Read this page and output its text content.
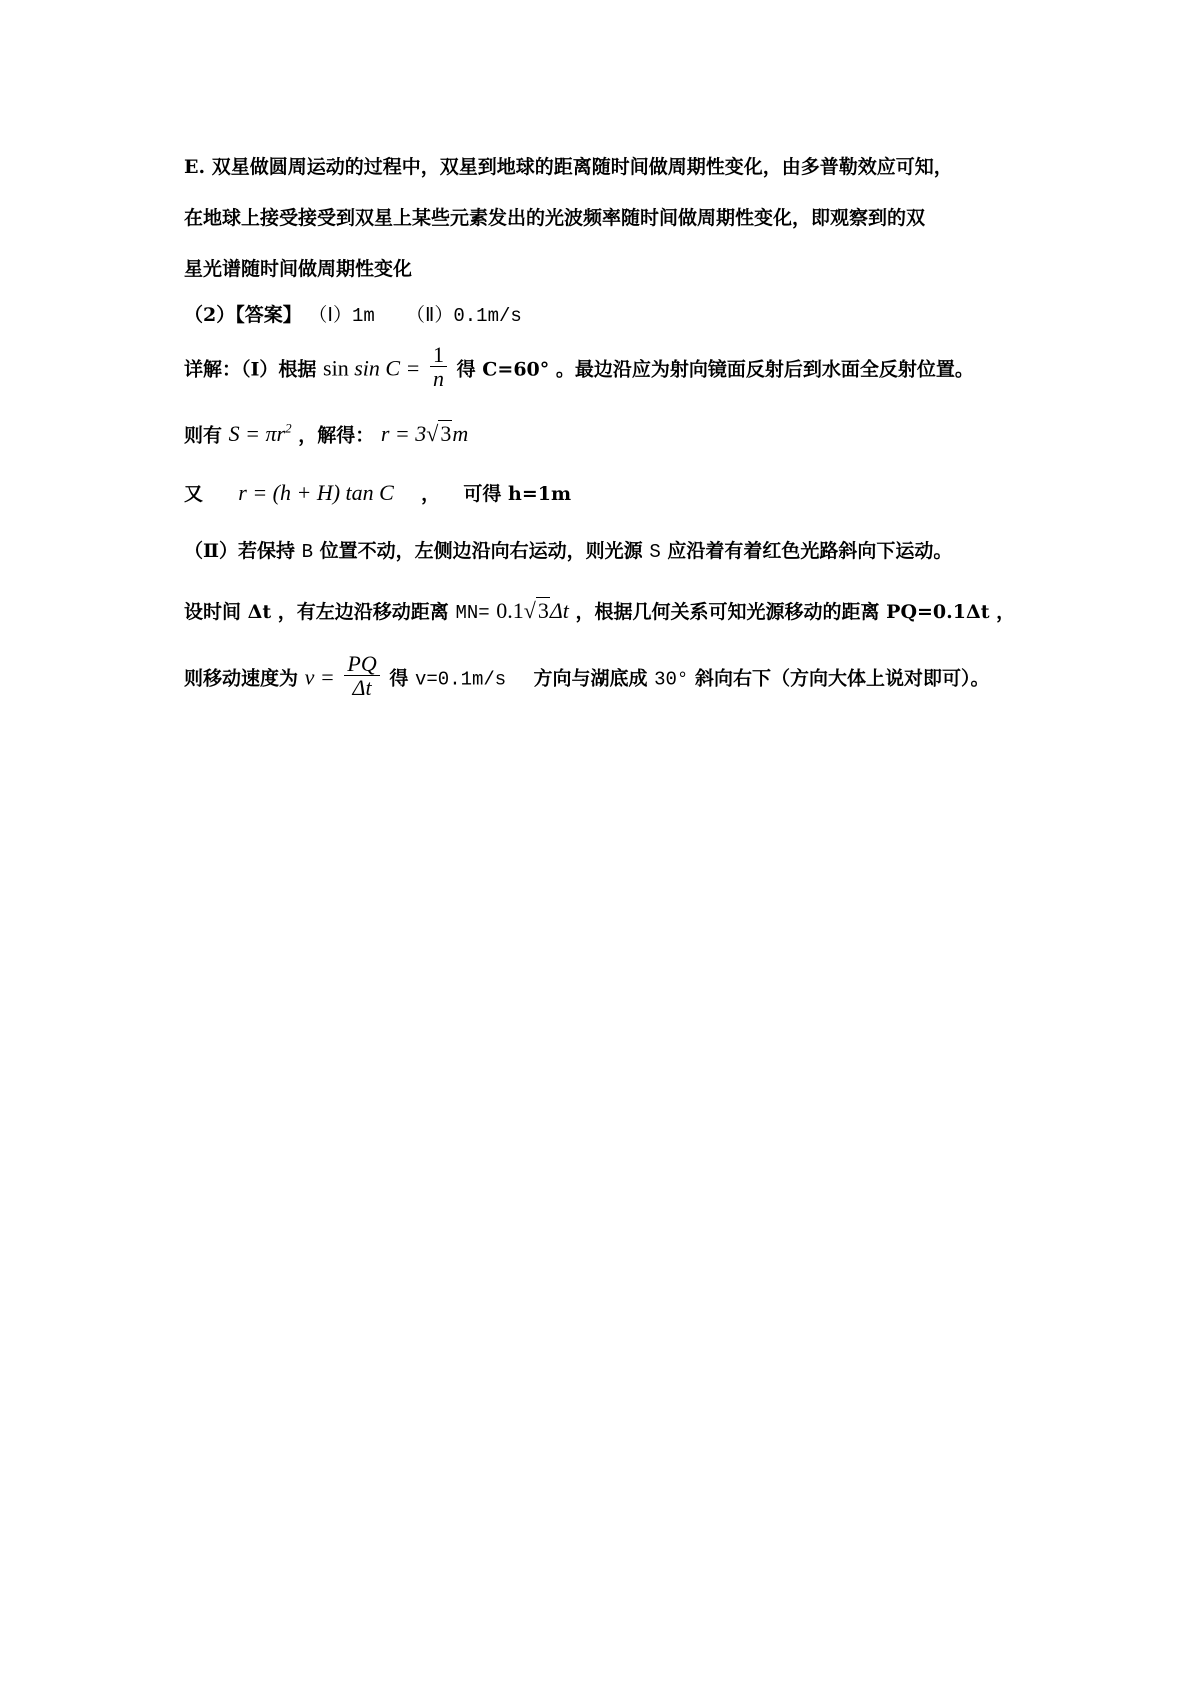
E. 双星做圆周运动的过程中，双星到地球的距离随时间做周期性变化，由多普勒效应可知，
在地球上接受接受到双星上某些元素发出的光波频率随时间做周期性变化，即观察到的双
星光谱随时间做周期性变化
（2）【答案】 （Ⅰ）1m （Ⅱ）0.1m/s
详解：（Ⅰ）根据 $\sin \sin C = \frac{1}{n}$ 得 C=60° 。最边沿应为射向镜面反射后到水面全反射位置。
则有 $S = \pi r^2$ ，解得： r = 3√3m
又 r = (h + H) tan C ， 可得 h=1m
（Ⅱ）若保持 B 位置不动，左侧边沿向右运动，则光源 S 应沿着有着红色光路斜向下运动。
设时间 Δt ，有左边沿移动距离 MN= 0.1√3Δt ，根据几何关系可知光源移动的距离 PQ=0.1Δt ，
则移动速度为 $v = \frac{PQ}{\Delta t}$ 得 v=0.1m/s 方向与湖底成 30° 斜向右下（方向大体上说对即可）。
